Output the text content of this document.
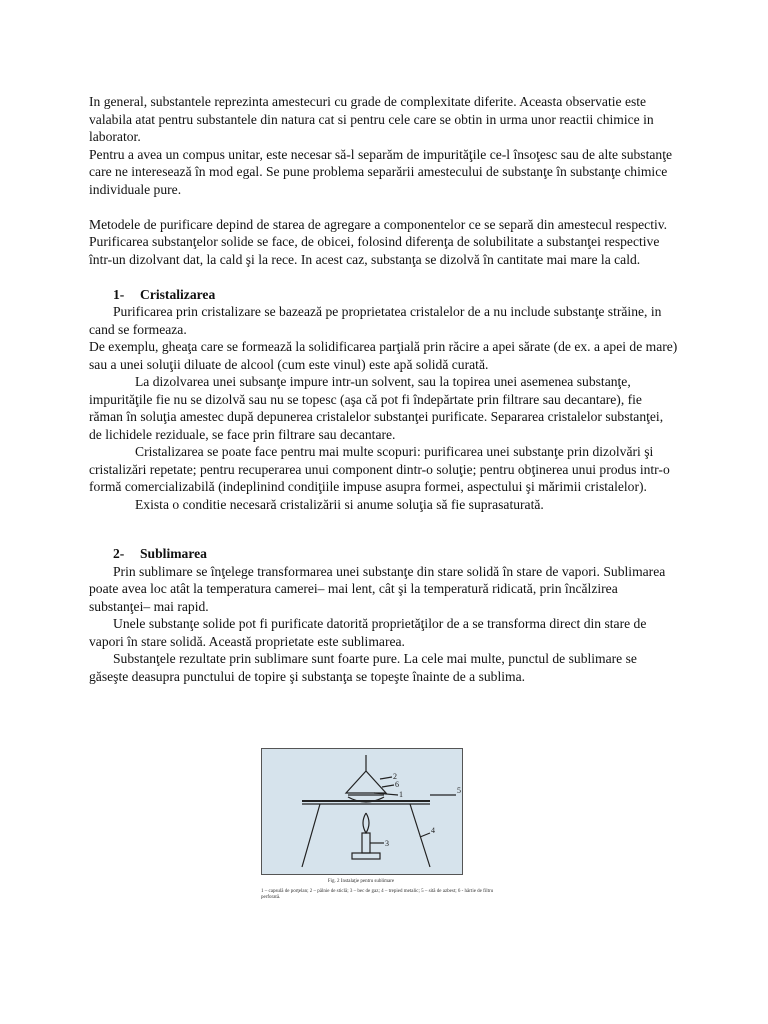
In general, substantele reprezinta amestecuri cu grade de complexitate diferite. Aceasta observatie este valabila atat pentru substantele din natura cat si pentru cele care se obtin in urma unor reactii chimice in laborator.

Pentru a avea un compus unitar, este necesar să-l separăm de impurităţile ce-l însoţesc sau de alte substanţe care ne interesează în mod egal. Se pune problema separării amestecului de substanţe în substanţe chimice individuale pure.

Metodele de purificare depind de starea de agregare a componentelor ce se separă din amestecul respectiv. Purificarea substanţelor solide se face, de obicei, folosind diferenţa de solubilitate a substanţei respective într-un dizolvant dat, la cald şi la rece. In acest caz, substanţa se dizolvă în cantitate mai mare la cald.

1- Cristalizarea

Purificarea prin cristalizare se bazează pe proprietatea cristalelor de a nu include substanţe străine, in cand se formeaza.

De exemplu, gheaţa care se formează la solidificarea parţială prin răcire a apei sărate (de ex. a apei de mare) sau a unei soluţii diluate de alcool (cum este vinul) este apă solidă curată.

La dizolvarea unei subsanţe impure intr-un solvent, sau la topirea unei asemenea substanţe, impurităţile fie nu se dizolvă sau nu se topesc (aşa că pot fi îndepărtate prin filtrare sau decantare), fie răman în soluţia amestec după depunerea cristalelor substanţei purificate. Separarea cristalelor substanţei, de lichidele reziduale, se face prin filtrare sau decantare.

Cristalizarea se poate face pentru mai multe scopuri: purificarea unei substanţe prin dizolvări şi cristalizări repetate; pentru recuperarea unui component dintr-o soluţie; pentru obţinerea unui produs intr-o formă comercializabilă (indeplinind condiţiile impuse asupra formei, aspectului şi mărimii cristalelor).

Exista o conditie necesară cristalizării si anume soluţia să fie suprasaturată.

2- Sublimarea

Prin sublimare se înţelege transformarea unei substanţe din stare solidă în stare de vapori. Sublimarea poate avea loc atât la temperatura camerei– mai lent, cât şi la temperatură ridicată, prin încălzirea substanţei– mai rapid.

Unele substanţe solide pot fi purificate datorită proprietăţilor de a se transforma direct din stare de vapori în stare solidă. Această proprietate este sublimarea.

Substanţele rezultate prin sublimare sunt foarte pure. La cele mai multe, punctul de sublimare se găseşte deasupra punctului de topire şi substanţa se topeşte înainte de a sublima.

2
6
1	5
3
4
Fig. 2 Instalaţie pentru sublimare
1 – capsulă de porţelan; 2 – pâlnie de sticlă; 3 – bec de gaz; 4 – trepied metalic; 5 – sită de azbest; 6 - hârtie de filtru perforată.
